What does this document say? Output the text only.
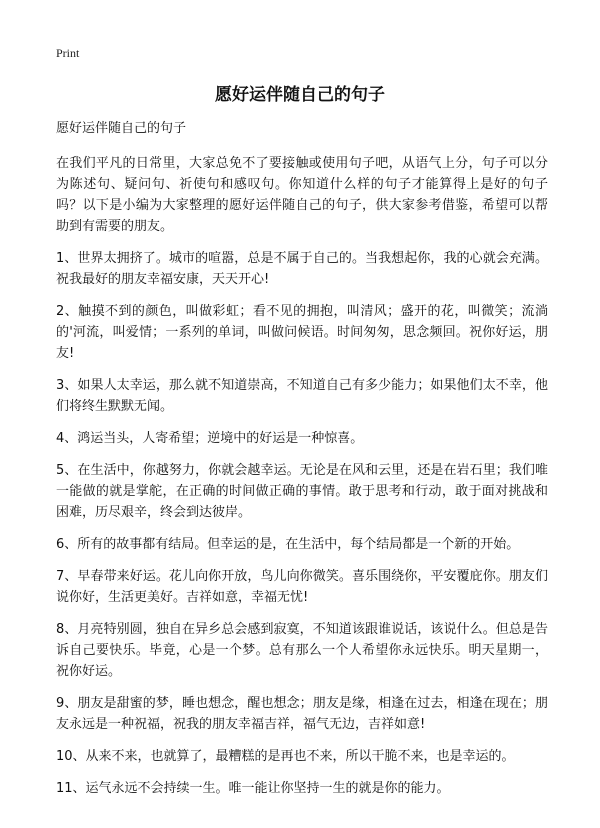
Print
愿好运伴随自己的句子

愿好运伴随自己的句子

在我们平凡的日常里，大家总免不了要接触或使用句子吧，从语气上分，句子可以分为陈述句、疑问句、祈使句和感叹句。你知道什么样的句子才能算得上是好的句子吗？以下是小编为大家整理的愿好运伴随自己的句子，供大家参考借鉴，希望可以帮助到有需要的朋友。

1、世界太拥挤了。城市的喧嚣，总是不属于自己的。当我想起你，我的心就会充满。祝我最好的朋友幸福安康，天天开心!

2、触摸不到的颜色，叫做彩虹；看不见的拥抱，叫清风；盛开的花，叫微笑；流淌的'河流，叫爱情；一系列的单词，叫做问候语。时间匆匆，思念频回。祝你好运，朋友!

3、如果人太幸运，那么就不知道崇高，不知道自己有多少能力；如果他们太不幸，他们将终生默默无闻。

4、鸿运当头，人寄希望；逆境中的好运是一种惊喜。

5、在生活中，你越努力，你就会越幸运。无论是在风和云里，还是在岩石里；我们唯一能做的就是掌舵，在正确的时间做正确的事情。敢于思考和行动，敢于面对挑战和困难，历尽艰辛，终会到达彼岸。

6、所有的故事都有结局。但幸运的是，在生活中，每个结局都是一个新的开始。

7、早春带来好运。花儿向你开放，鸟儿向你微笑。喜乐围绕你，平安覆庇你。朋友们说你好，生活更美好。吉祥如意，幸福无忧!

8、月亮特别圆，独自在异乡总会感到寂寞，不知道该跟谁说话，该说什么。但总是告诉自己要快乐。毕竟，心是一个梦。总有那么一个人希望你永远快乐。明天星期一，祝你好运。

9、朋友是甜蜜的梦，睡也想念，醒也想念；朋友是缘，相逢在过去，相逢在现在；朋友永远是一种祝福，祝我的朋友幸福吉祥，福气无边，吉祥如意!

10、从来不来，也就算了，最糟糕的是再也不来，所以干脆不来，也是幸运的。

11、运气永远不会持续一生。唯一能让你坚持一生的就是你的能力。
